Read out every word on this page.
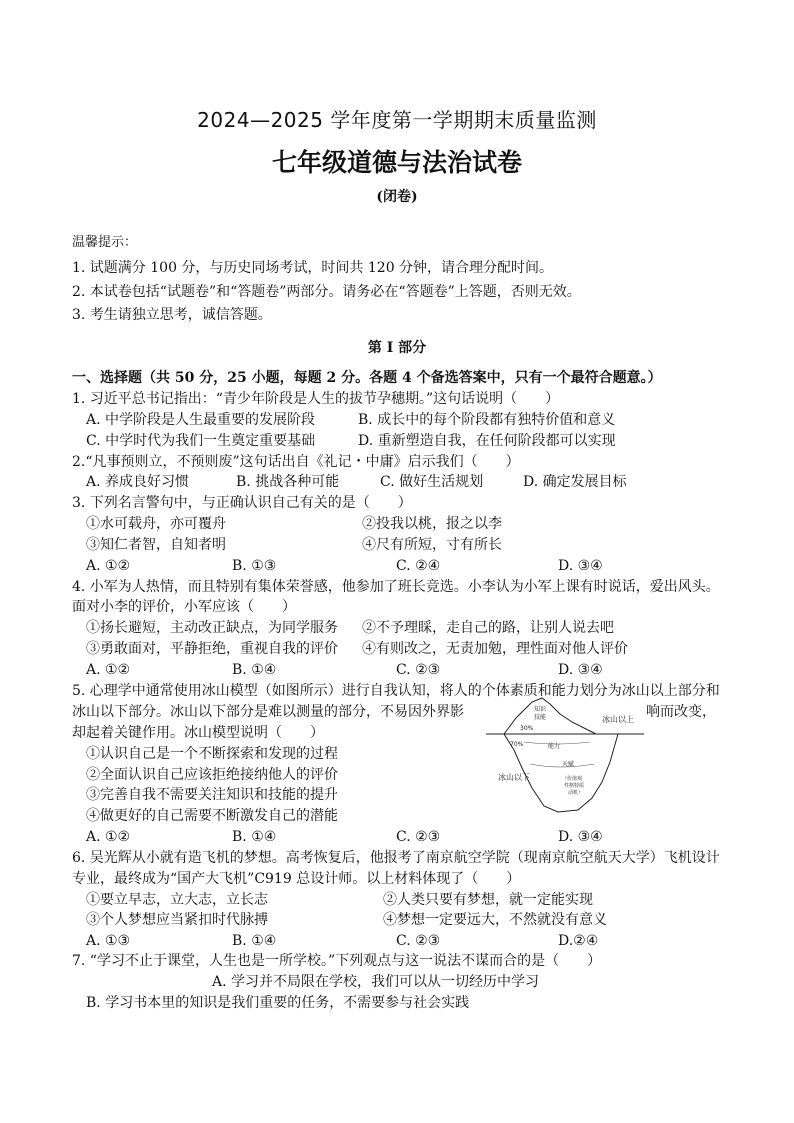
2024—2025 学年度第一学期期末质量监测
七年级道德与法治试卷
(闭卷)
温馨提示：
1. 试题满分 100 分，与历史同场考试，时间共 120 分钟，请合理分配时间。
2. 本试卷包括“试题卷”和“答题卷”两部分。请务必在“答题卷”上答题，否则无效。
3. 考生请独立思考，诚信答题。
第 I 部分
一、选择题（共 50 分，25 小题，每题 2 分。各题 4 个备选答案中，只有一个最符合题意。）
1. 习近平总书记指出：“青少年阶段是人生的拔节孕穗期。”这句话说明（　　）
A. 中学阶段是人生最重要的发展阶段	B. 成长中的每个阶段都有独特价值和意义
C. 中学时代为我们一生奠定重要基础	D. 重新塑造自我，在任何阶段都可以实现
2.“凡事预则立，不预则废”这句话出自《礼记・中庸》启示我们（　　）
A. 养成良好习惯	B. 挑战各种可能	C. 做好生活规划	D. 确定发展目标
3. 下列名言警句中，与正确认识自己有关的是（　　）
①水可载舟，亦可覆舟	②投我以桃，报之以李
③知仁者智，自知者明	④尺有所短，寸有所长
A. ①②	B. ①③	C. ②④	D. ③④
4. 小军为人热情，而且特别有集体荣誉感，他参加了班长竞选。小李认为小军上课有时说话，爱出风头。
面对小李的评价，小军应该（　　）
①扬长避短，主动改正缺点，为同学服务 ②不予理睬，走自己的路，让别人说去吧
③勇敢面对，平静拒绝，重视自我的评价 ④有则改之，无责加勉，理性面对他人评价
A. ①②	B. ①④	C. ②③	D. ③④
5. 心理学中通常使用冰山模型（如图所示）进行自我认知，将人的个体素质和能力划分为冰山以上部分和
冰山以下部分。冰山以下部分是难以测量的部分，不易因外界影	响而改变，
却起着关键作用。冰山模型说明（　　）
①认识自己是一个不断探索和发现的过程
②全面认识自己应该拒绝接纳他人的评价
③完善自我不需要关注知识和技能的提升
④做更好的自己需要不断激发自己的潜能
A. ①②	B. ①④	C. ②③	D. ③④
知识
技能
30%
冰山以上
70%	能力
天赋
冰山以下	（价值观
性格特质
动机）
6. 吴光辉从小就有造飞机的梦想。高考恢复后，他报考了南京航空学院（现南京航空航天大学）飞机设计
专业，最终成为“国产大飞机”C919 总设计师。以上材料体现了（　　）
①要立早志，立大志，立长志	②人类只要有梦想，就一定能实现
③个人梦想应当紧扣时代脉搏	④梦想一定要远大，不然就没有意义
A. ①③	B. ①④	C. ②③	D.②④
7. “学习不止于课堂，人生也是一所学校。”下列观点与这一说法不谋而合的是（　　）
A. 学习并不局限在学校，我们可以从一切经历中学习
B. 学习书本里的知识是我们重要的任务，不需要参与社会实践
